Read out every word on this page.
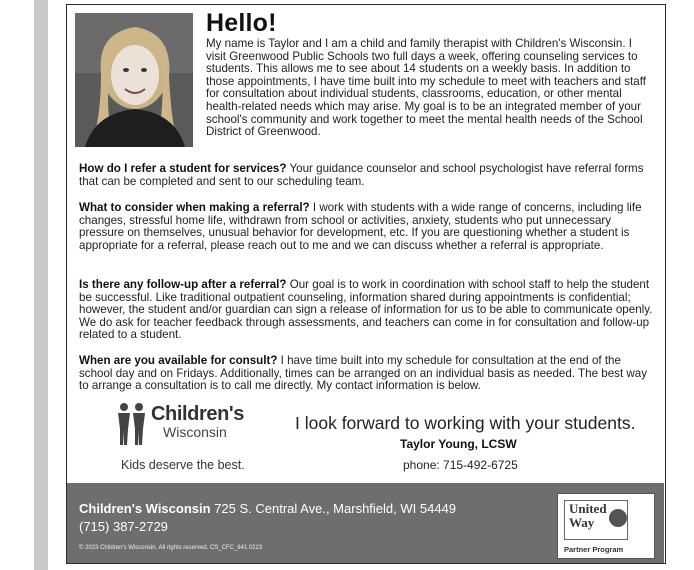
Hello!

My name is Taylor and I am a child and family therapist with Children's Wisconsin. I visit Greenwood Public Schools two full days a week, offering counseling services to students. This allows me to see about 14 students on a weekly basis. In addition to those appointments, I have time built into my schedule to meet with teachers and staff for consultation about individual students, classrooms, education, or other mental health-related needs which may arise. My goal is to be an integrated member of your school's community and work together to meet the mental health needs of the School District of Greenwood.

How do I refer a student for services? Your guidance counselor and school psychologist have referral forms that can be completed and sent to our scheduling team.

What to consider when making a referral? I work with students with a wide range of concerns, including life changes, stressful home life, withdrawn from school or activities, anxiety, students who put unnecessary pressure on themselves, unusual behavior for development, etc. If you are questioning whether a student is appropriate for a referral, please reach out to me and we can discuss whether a referral is appropriate.

Is there any follow-up after a referral? Our goal is to work in coordination with school staff to help the student be successful. Like traditional outpatient counseling, information shared during appointments is confidential; however, the student and/or guardian can sign a release of information for us to be able to communicate openly. We do ask for teacher feedback through assessments, and teachers can come in for consultation and follow-up related to a student.

When are you available for consult? I have time built into my schedule for consultation at the end of the school day and on Fridays. Additionally, times can be arranged on an individual basis as needed. The best way to arrange a consultation is to call me directly. My contact information is below.

Children's
Wisconsin

Kids deserve the best.

I look forward to working with your students.

Taylor Young, LCSW

phone: 715-492-6725

Children's Wisconsin 725 S. Central Ave., Marshfield, WI 54449

(715) 387-2729

© 2023 Children's Wisconsin. All rights reserved. CS_CFC_841 0223

United
Way

Partner Program
